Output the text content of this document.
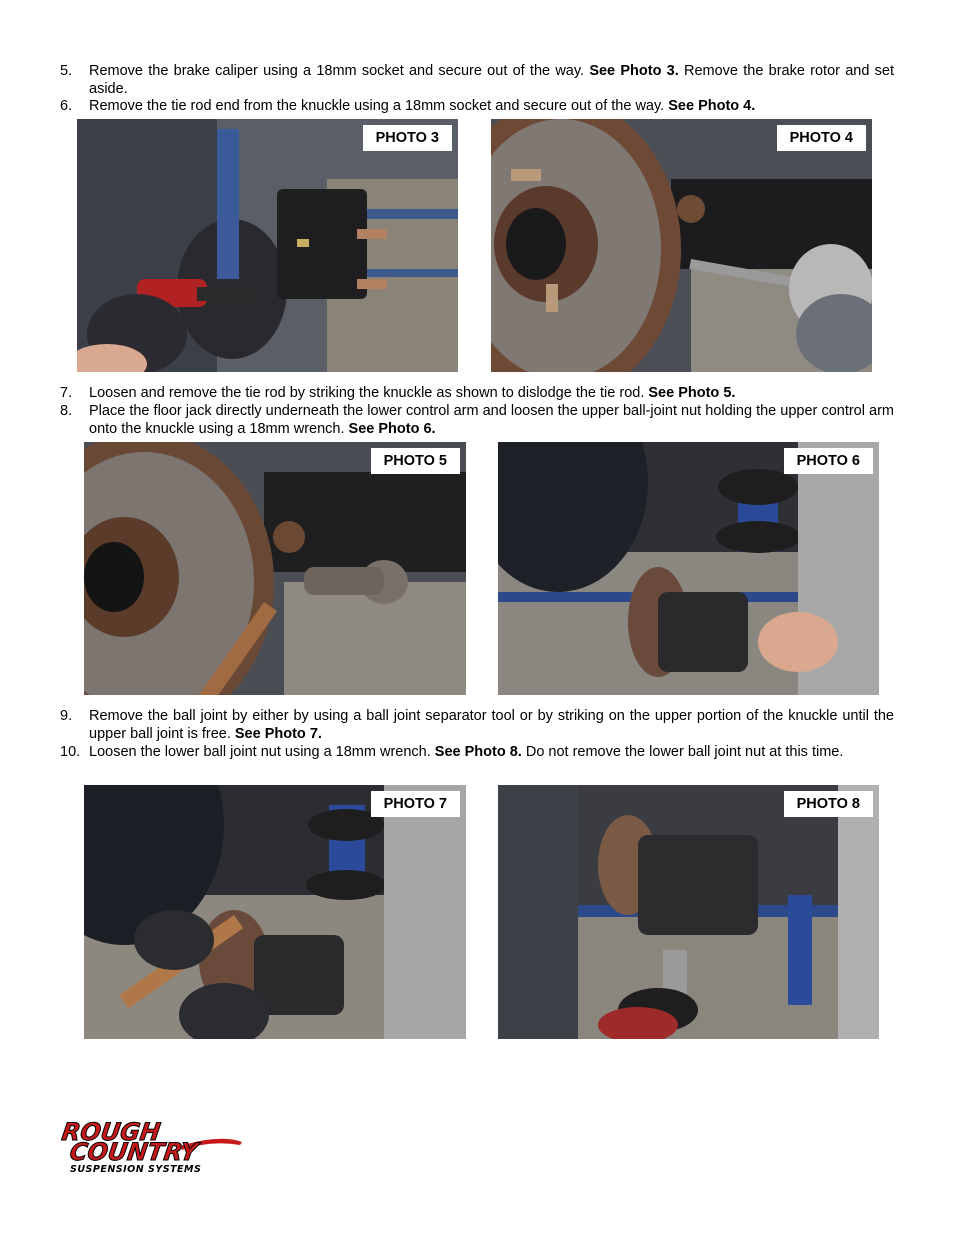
5.	Remove the brake caliper using a 18mm socket and secure out of the way. See Photo 3. Remove the brake rotor and set aside.
6.	Remove the tie rod end from the knuckle using a 18mm socket and secure out of the way. See Photo 4.
PHOTO 3	PHOTO 4
7.	Loosen and remove the tie rod by striking the knuckle as shown to dislodge the tie rod. See Photo 5.
8.	Place the floor jack directly underneath the lower control arm and loosen the upper ball-joint nut holding the upper control arm onto the knuckle using a 18mm wrench. See Photo 6.
PHOTO 5	PHOTO 6
9.	Remove the ball joint by either by using a ball joint separator tool or by striking on the upper portion of the knuckle until the upper ball joint is free. See Photo 7.
10. Loosen the lower ball joint nut using a 18mm wrench. See Photo 8. Do not remove the lower ball joint nut at this time.
PHOTO 7	PHOTO 8
ROUGH
COUNTRY
SUSPENSION SYSTEMS
